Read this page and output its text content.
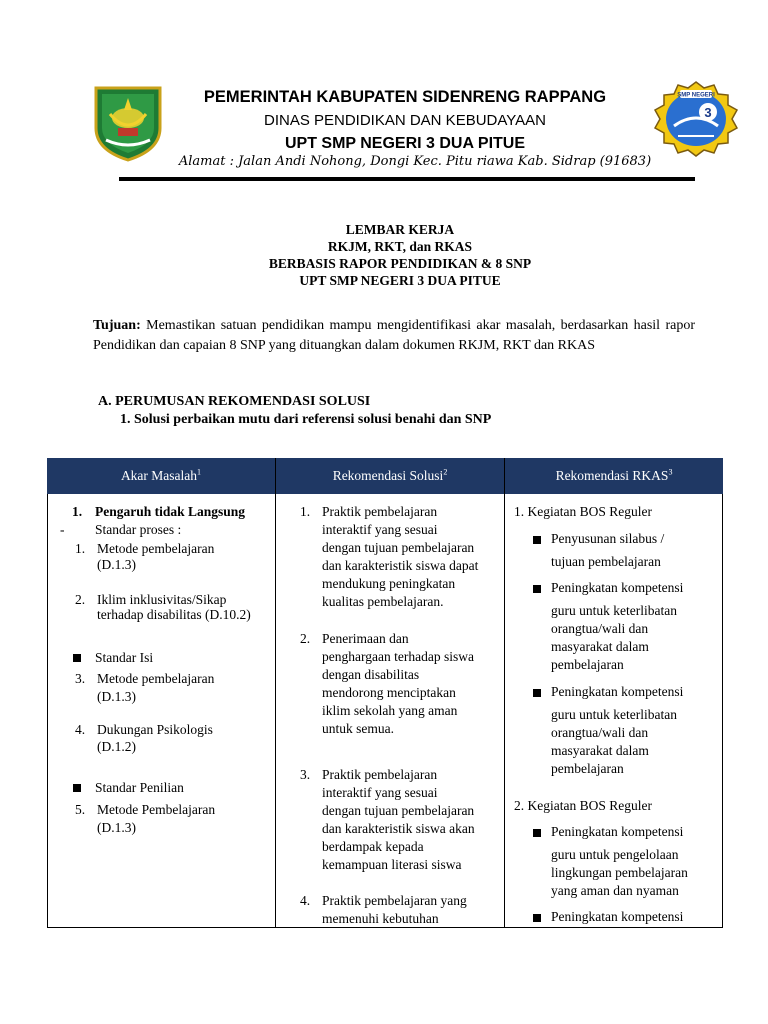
SMP NEGERI
3
PEMERINTAH KABUPATEN SIDENRENG RAPPANG
DINAS PENDIDIKAN DAN KEBUDAYAAN
UPT SMP NEGERI 3 DUA PITUE
Alamat : Jalan Andi Nohong, Dongi Kec. Pitu riawa Kab. Sidrap (91683)
LEMBAR KERJA
RKJM, RKT, dan RKAS
BERBASIS RAPOR PENDIDIKAN & 8 SNP
UPT SMP NEGERI 3 DUA PITUE
Tujuan: Memastikan satuan pendidikan mampu mengidentifikasi akar masalah, berdasarkan hasil rapor Pendidikan dan capaian 8 SNP yang dituangkan dalam dokumen RKJM, RKT dan RKAS
A. PERUMUSAN REKOMENDASI SOLUSI
1. Solusi perbaikan mutu dari referensi solusi benahi dan SNP
Akar Masalah$^1$	Rekomendasi Solusi$^2$	Rekomendasi RKAS$^3$
1. Pengaruh tidak Langsung
- Standar proses :
1. Metode pembelajaran
(D.1.3)
2. Iklim inklusivitas/Sikap
terhadap disabilitas (D.10.2)
Standar Isi
3. Metode pembelajaran
(D.1.3)
4. Dukungan Psikologis
(D.1.2)
Standar Penilian
5. Metode Pembelajaran
(D.1.3)
1. Praktik pembelajaran
interaktif yang sesuai
dengan tujuan pembelajaran
dan karakteristik siswa dapat
mendukung peningkatan
kualitas pembelajaran.
2. Penerimaan dan
penghargaan terhadap siswa
dengan disabilitas
mendorong menciptakan
iklim sekolah yang aman
untuk semua.
3. Praktik pembelajaran
interaktif yang sesuai
dengan tujuan pembelajaran
dan karakteristik siswa akan
berdampak kepada
kemampuan literasi siswa
4. Praktik pembelajaran yang
memenuhi kebutuhan
1. Kegiatan BOS Reguler
Penyusunan silabus /
tujuan pembelajaran
Peningkatan kompetensi
guru untuk keterlibatan
orangtua/wali dan
masyarakat dalam
pembelajaran
Peningkatan kompetensi
guru untuk keterlibatan
orangtua/wali dan
masyarakat dalam
pembelajaran
2. Kegiatan BOS Reguler
Peningkatan kompetensi
guru untuk pengelolaan
lingkungan pembelajaran
yang aman dan nyaman
Peningkatan kompetensi
